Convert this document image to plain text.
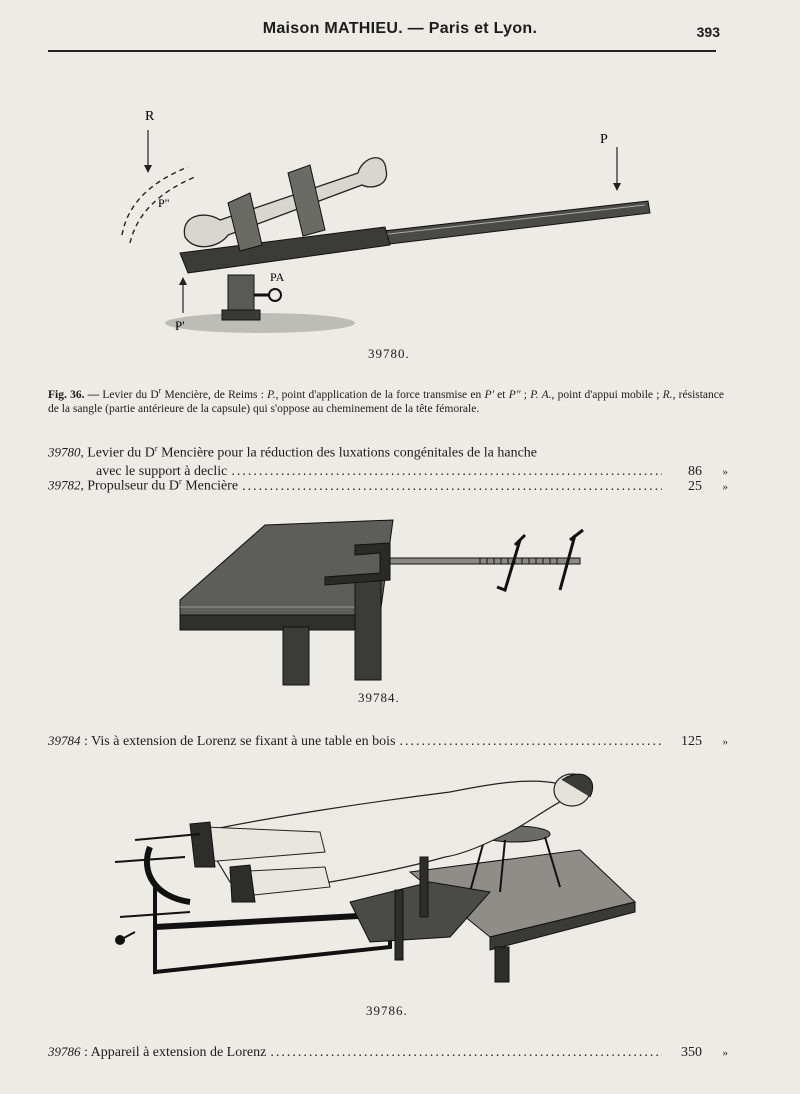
Maison MATHIEU. — Paris et Lyon.	393
R
P
P"
PA
P'
39780.
Fig. 36. — Levier du $D^r$ Mencière, de Reims : P., point d'application de la force transmise en P' et P" ; P. A., point d'appui mobile ; R., résistance de la sangle (partie antérieure de la capsule) qui s'oppose au cheminement de la tête fémorale.
39780, Levier du $D^r$ Mencière pour la réduction des luxations congénitales de la hanche
avec le support à declic .....	86	»
39782, Propulseur du $D^r$ Mencière .....	25	»
39784.
39784 : Vis à extension de Lorenz se fixant à une table en bois .....	125	»
39786.
39786 : Appareil à extension de Lorenz .....	350	»
